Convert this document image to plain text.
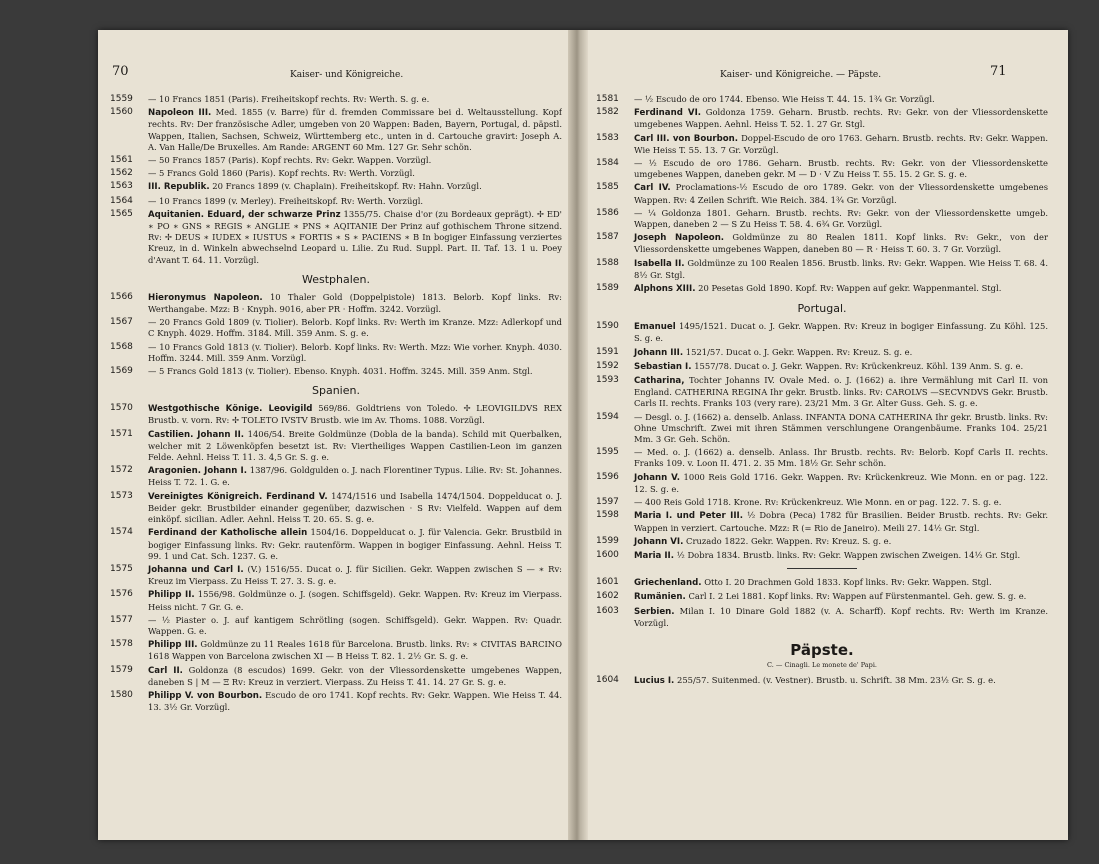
70	Kaiser- und Königreiche.
1559 — 10 Francs 1851 (Paris). Freiheitskopf rechts. Rv: Werth. S. g. e.
1560 Napoleon III. Med. 1855 (v. Barre) für d. fremden Commissare bei d. Weltausstellung. Kopf rechts. Rv: Der französische Adler, umgeben von 20 Wappen: Baden, Bayern, Portugal, d. päpstl. Wappen, Italien, Sachsen, Schweiz, Württemberg etc., unten in d. Cartouche gravirt: Joseph A. A. Van Halle/De Bruxelles. Am Rande: ARGENT 60 Mm. 127 Gr. Sehr schön.
1561 — 50 Francs 1857 (Paris). Kopf rechts. Rv: Gekr. Wappen. Vorzügl.
1562 — 5 Francs Gold 1860 (Paris). Kopf rechts. Rv: Werth. Vorzügl.
1563 III. Republik. 20 Francs 1899 (v. Chaplain). Freiheitskopf. Rv: Hahn. Vorzügl.
1564 — 10 Francs 1899 (v. Merley). Freiheitskopf. Rv: Werth. Vorzügl.
1565 Aquitanien. Eduard, der schwarze Prinz 1355/75. Chaise d'or (zu Bordeaux geprägt). ✢ ED' ∗ PO ∗ GNS ∗ REGIS ∗ ANGLIE ∗ PNS ∗ AQITANIE Der Prinz auf gothischem Throne sitzend. Rv: ✢ DEUS ∗ IUDEX ∗ IUSTUS ∗ FORTIS ∗ S ∗ PACIENS ∗ B In bogiger Einfassung verziertes Kreuz, in d. Winkeln abwechselnd Leopard u. Lilie. Zu Rud. Suppl. Part. II. Taf. 13. 1 u. Poey d'Avant T. 64. 11. Vorzügl.
Westphalen.
1566 Hieronymus Napoleon. 10 Thaler Gold (Doppelpistole) 1813. Belorb. Kopf links. Rv: Werthangabe. Mzz: B · Knyph. 9016, aber PR · Hoffm. 3242. Vorzügl.
1567 — 20 Francs Gold 1809 (v. Tiolier). Belorb. Kopf links. Rv: Werth im Kranze. Mzz: Adlerkopf und C Knyph. 4029. Hoffm. 3184. Mill. 359 Anm. S. g. e.
1568 — 10 Francs Gold 1813 (v. Tiolier). Belorb. Kopf links. Rv: Werth. Mzz: Wie vorher. Knyph. 4030. Hoffm. 3244. Mill. 359 Anm. Vorzügl.
1569 — 5 Francs Gold 1813 (v. Tiolier). Ebenso. Knyph. 4031. Hoffm. 3245. Mill. 359 Anm. Stgl.
Spanien.
1570 Westgothische Könige. Leovigild 569/86. Goldtriens von Toledo. ✢ LEOVIGILDVS REX Brustb. v. vorn. Rv: ✢ TOLETO IVSTV Brustb. wie im Av. Thoms. 1088. Vorzügl.
1571 Castilien. Johann II. 1406/54. Breite Goldmünze (Dobla de la banda). Schild mit Querbalken, welcher mit 2 Löwenköpfen besetzt ist. Rv: Viertheiliges Wappen Castilien-Leon im ganzen Felde. Aehnl. Heiss T. 11. 3. 4,5 Gr. S. g. e.
1572 Aragonien. Johann I. 1387/96. Goldgulden o. J. nach Florentiner Typus. Lilie. Rv: St. Johannes. Heiss T. 72. 1. G. e.
1573 Vereinigtes Königreich. Ferdinand V. 1474/1516 und Isabella 1474/1504. Doppelducat o. J. Beider gekr. Brustbilder einander gegenüber, dazwischen · S Rv: Vielfeld. Wappen auf dem einköpf. sicilian. Adler. Aehnl. Heiss T. 20. 65. S. g. e.
1574 Ferdinand der Katholische allein 1504/16. Doppelducat o. J. für Valencia. Gekr. Brustbild in bogiger Einfassung links. Rv: Gekr. rautenförm. Wappen in bogiger Einfassung. Aehnl. Heiss T. 99. 1 und Cat. Sch. 1237. G. e.
1575 Johanna und Carl I. (V.) 1516/55. Ducat o. J. für Sicilien. Gekr. Wappen zwischen S — ∗ Rv: Kreuz im Vierpass. Zu Heiss T. 27. 3. S. g. e.
1576 Philipp II. 1556/98. Goldmünze o. J. (sogen. Schiffsgeld). Gekr. Wappen. Rv: Kreuz im Vierpass. Heiss nicht. 7 Gr. G. e.
1577 — ½ Piaster o. J. auf kantigem Schrötling (sogen. Schiffsgeld). Gekr. Wappen. Rv: Quadr. Wappen. G. e.
1578 Philipp III. Goldmünze zu 11 Reales 1618 für Barcelona. Brustb. links. Rv: ∗ CIVITAS BARCINO 1618 Wappen von Barcelona zwischen XI — B Heiss T. 82. 1. 2½ Gr. S. g. e.
1579 Carl II. Goldonza (8 escudos) 1699. Gekr. von der Vliessordenskette umgebenes Wappen, daneben S | M — Ξ Rv: Kreuz in verziert. Vierpass. Zu Heiss T. 41. 14. 27 Gr. S. g. e.
1580 Philipp V. von Bourbon. Escudo de oro 1741. Kopf rechts. Rv: Gekr. Wappen. Wie Heiss T. 44. 13. 3½ Gr. Vorzügl.
Kaiser- und Königreiche. — Päpste.	71
1581 — ½ Escudo de oro 1744. Ebenso. Wie Heiss T. 44. 15. 1¾ Gr. Vorzügl.
1582 Ferdinand VI. Goldonza 1759. Geharn. Brustb. rechts. Rv: Gekr. von der Vliessordenskette umgebenes Wappen. Aehnl. Heiss T. 52. 1. 27 Gr. Stgl.
1583 Carl III. von Bourbon. Doppel-Escudo de oro 1763. Geharn. Brustb. rechts. Rv: Gekr. Wappen. Wie Heiss T. 55. 13. 7 Gr. Vorzügl.
1584 — ½ Escudo de oro 1786. Geharn. Brustb. rechts. Rv: Gekr. von der Vliessordenskette umgebenes Wappen, daneben gekr. M — D · V Zu Heiss T. 55. 15. 2 Gr. S. g. e.
1585 Carl IV. Proclamations-½ Escudo de oro 1789. Gekr. von der Vliessordenskette umgebenes Wappen. Rv: 4 Zeilen Schrift. Wie Reich. 384. 1¾ Gr. Vorzügl.
1586 — ¼ Goldonza 1801. Geharn. Brustb. rechts. Rv: Gekr. von der Vliessordenskette umgeb. Wappen, daneben 2 — S Zu Heiss T. 58. 4. 6¾ Gr. Vorzügl.
1587 Joseph Napoleon. Goldmünze zu 80 Realen 1811. Kopf links. Rv: Gekr., von der Vliessordenskette umgebenes Wappen, daneben 80 — R · Heiss T. 60. 3. 7 Gr. Vorzügl.
1588 Isabella II. Goldmünze zu 100 Realen 1856. Brustb. links. Rv: Gekr. Wappen. Wie Heiss T. 68. 4. 8½ Gr. Stgl.
1589 Alphons XIII. 20 Pesetas Gold 1890. Kopf. Rv: Wappen auf gekr. Wappenmantel. Stgl.
Portugal.
1590 Emanuel 1495/1521. Ducat o. J. Gekr. Wappen. Rv: Kreuz in bogiger Einfassung. Zu Köhl. 125. S. g. e.
1591 Johann III. 1521/57. Ducat o. J. Gekr. Wappen. Rv: Kreuz. S. g. e.
1592 Sebastian I. 1557/78. Ducat o. J. Gekr. Wappen. Rv: Krückenkreuz. Köhl. 139 Anm. S. g. e.
1593 Catharina, Tochter Johanns IV. Ovale Med. o. J. (1662) a. ihre Vermählung mit Carl II. von England. CATHERINA REGINA Ihr gekr. Brustb. links. Rv: CAROLVS —SECVNDVS Gekr. Brustb. Carls II. rechts. Franks 103 (very rare). 23/21 Mm. 3 Gr. Alter Guss. Geh. S. g. e.
1594 — Desgl. o. J. (1662) a. denselb. Anlass. INFANTA DONA CATHERINA Ihr gekr. Brustb. links. Rv: Ohne Umschrift. Zwei mit ihren Stämmen verschlungene Orangenbäume. Franks 104. 25/21 Mm. 3 Gr. Geh. Schön.
1595 — Med. o. J. (1662) a. denselb. Anlass. Ihr Brustb. rechts. Rv: Belorb. Kopf Carls II. rechts. Franks 109. v. Loon II. 471. 2. 35 Mm. 18½ Gr. Sehr schön.
1596 Johann V. 1000 Reis Gold 1716. Gekr. Wappen. Rv: Krückenkreuz. Wie Monn. en or pag. 122. 12. S. g. e.
1597 — 400 Reis Gold 1718. Krone. Rv: Krückenkreuz. Wie Monn. en or pag. 122. 7. S. g. e.
1598 Maria I. und Peter III. ½ Dobra (Peca) 1782 für Brasilien. Beider Brustb. rechts. Rv: Gekr. Wappen in verziert. Cartouche. Mzz: R (= Rio de Janeiro). Meili 27. 14½ Gr. Stgl.
1599 Johann VI. Cruzado 1822. Gekr. Wappen. Rv: Kreuz. S. g. e.
1600 Maria II. ½ Dobra 1834. Brustb. links. Rv: Gekr. Wappen zwischen Zweigen. 14½ Gr. Stgl.
1601 Griechenland. Otto I. 20 Drachmen Gold 1833. Kopf links. Rv: Gekr. Wappen. Stgl.
1602 Rumänien. Carl I. 2 Lei 1881. Kopf links. Rv: Wappen auf Fürstenmantel. Geh. gew. S. g. e.
1603 Serbien. Milan I. 10 Dinare Gold 1882 (v. A. Scharff). Kopf rechts. Rv: Werth im Kranze. Vorzügl.
Päpste.
C. — Cinagli. Le monete de' Papi.
1604 Lucius I. 255/57. Suitenmed. (v. Vestner). Brustb. u. Schrift. 38 Mm. 23½ Gr. S. g. e.
